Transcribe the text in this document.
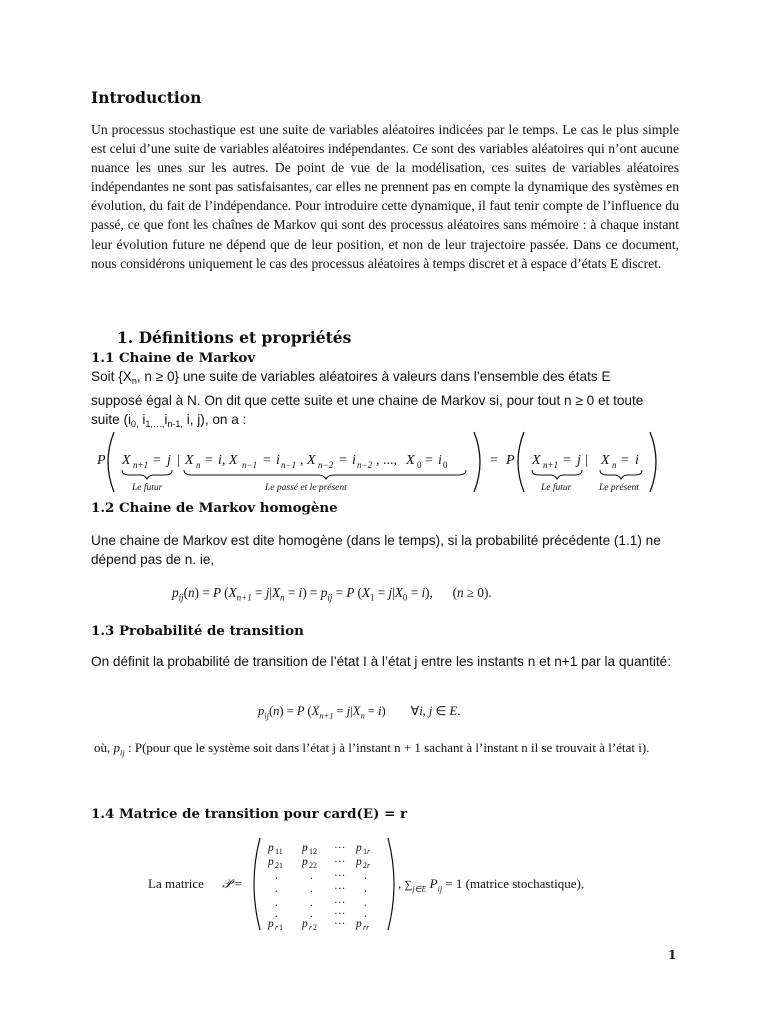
Introduction

Un processus stochastique est une suite de variables aléatoires indicées par le temps. Le cas le plus simple est celui d’une suite de variables aléatoires indépendantes. Ce sont des variables aléatoires qui n’ont aucune nuance les unes sur les autres. De point de vue de la modélisation, ces suites de variables aléatoires indépendantes ne sont pas satisfaisantes, car elles ne prennent pas en compte la dynamique des systèmes en évolution, du fait de l’indépendance. Pour introduire cette dynamique, il faut tenir compte de l’influence du passé, ce que font les chaînes de Markov qui sont des processus aléatoires sans mémoire : à chaque instant leur évolution future ne dépend que de leur position, et non de leur trajectoire passée. Dans ce document, nous considérons uniquement le cas des processus aléatoires à temps discret et à espace d’états E discret.

1. Définitions et propriétés
1.1 Chaine de Markov
Soit {$X_n$, n ≥ 0} une suite de variables aléatoires à valeurs dans l’ensemble des états E
supposé égal à N. On dit que cette suite et une chaine de Markov si, pour tout n ≥ 0 et toute
suite ($i_{0,}$ $i_{1,\dots,}i_{n-1,}$ i, j), on a :
P X n+1 = j | X n = i, X n−1 = i n−1 , X n−2 = i n−2 , ..., X 0 = i 0	= P X n+1 = j | X n = i
Le futur	Le passé et le présent	Le futur	Le présent
1.2 Chaine de Markov homogène

Une chaine de Markov est dite homogène (dans le temps), si la probabilité précédente (1.1) ne dépend pas de n. ie,

$p_{ij}(n) = P$ $(X_{n+1} = j|X_n = i) = p_{ij} = P$ $(X_1 = j|X_0 = i)$,      (n ≥ 0).
1.3 Probabilité de transition

On définit la probabilité de transition de l’état I à l’état j entre les instants n et n+1 par la quantité:

$p_{ij}(n) = P$ $(X_{n+1} = j|X_n = i)$        ∀i, j ∈ E.
où, $p_{ij}$ : P(pour que le système soit dans l’état j à l’instant n + 1 sachant à l’instant n il se trouvait à l’état i).
1.4 Matrice de transition pour card(E) = r
La matrice 𝒫 =
p 11 p 12 ··· p 1 r
p 21 p 22 ··· p 2 r
.	. ··· .
.	. ··· .
.	. ··· .
.	. ··· .
p r 1 p r 2 ··· p rr
, $\sum_{j\in E}$ $P_{ij} = 1$ (matrice stochastique),
1
